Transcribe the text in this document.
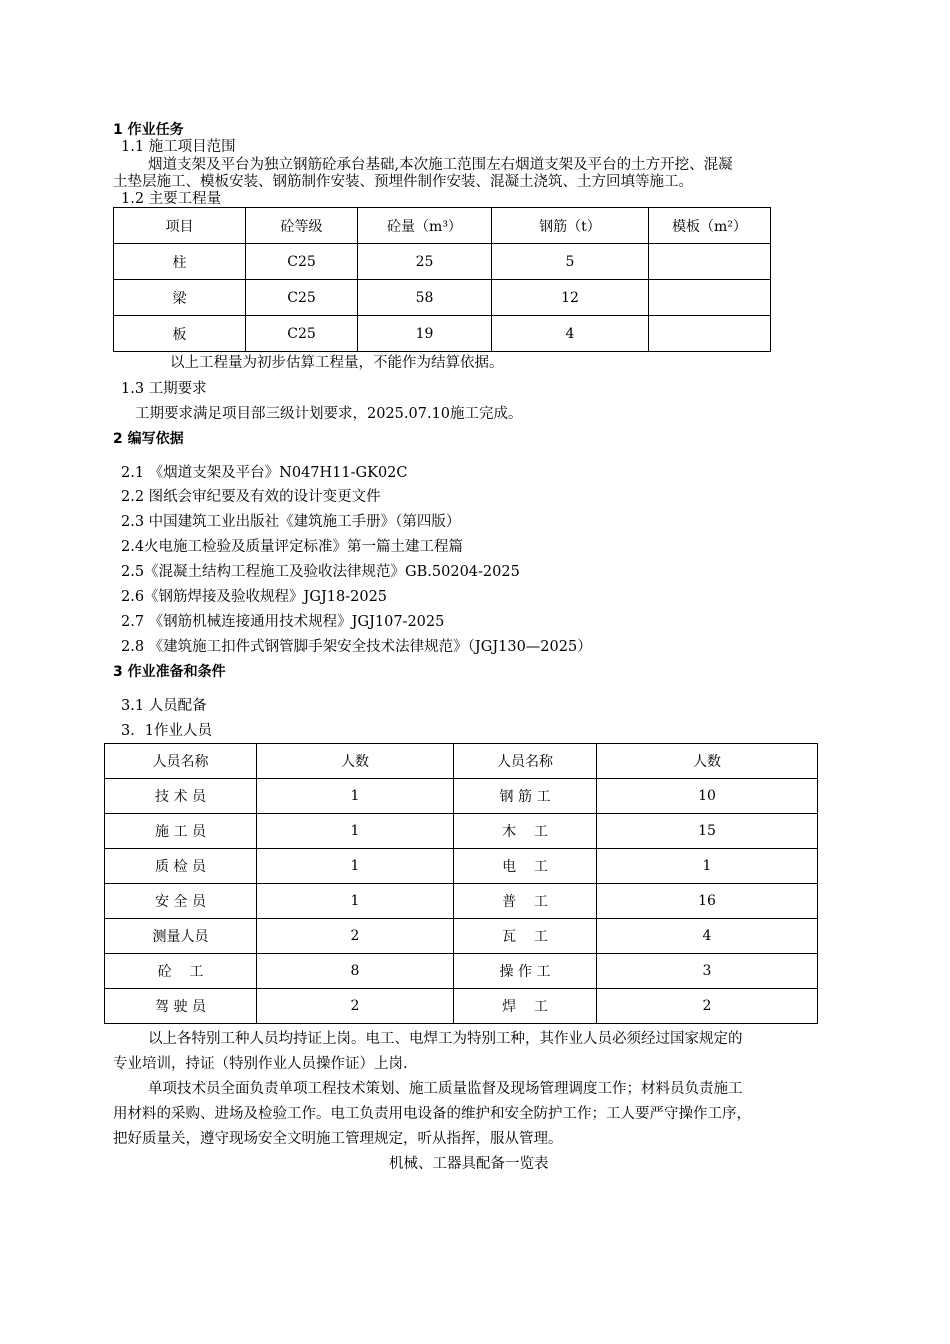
1 作业任务
1.1 施工项目范围
烟道支架及平台为独立钢筋砼承台基础,本次施工范围左右烟道支架及平台的土方开挖、混凝
土垫层施工、模板安装、钢筋制作安装、预埋件制作安装、混凝土浇筑、土方回填等施工。
1.2 主要工程量
项目	砼等级	砼量（m³）	钢筋（t）	模板（m²）
柱	C25	25	5	
梁	C25	58	12	
板	C25	19	4	
以上工程量为初步估算工程量，不能作为结算依据。
1.3 工期要求
工期要求满足项目部三级计划要求，2025.07.10施工完成。
2 编写依据
2.1 《烟道支架及平台》N047H11-GK02C
2.2 图纸会审纪要及有效的设计变更文件
2.3 中国建筑工业出版社《建筑施工手册》（第四版）
2.4火电施工检验及质量评定标准》第一篇土建工程篇
2.5《混凝土结构工程施工及验收法律规范》GB.50204-2025
2.6《钢筋焊接及验收规程》JGJ18-2025
2.7 《钢筋机械连接通用技术规程》JGJ107-2025
2.8 《建筑施工扣件式钢管脚手架安全技术法律规范》（JGJ130—2025）
3 作业准备和条件
3.1 人员配备
3．1作业人员
人员名称	人数	人员名称	人数
技 术 员	1	钢 筋 工	10
施 工 员	1	木    工	15
质 检 员	1	电    工	1
安 全 员	1	普    工	16
测量人员	2	瓦    工	4
砼    工	8	操 作 工	3
驾 驶 员	2	焊    工	2
以上各特别工种人员均持证上岗。电工、电焊工为特别工种，其作业人员必须经过国家规定的
专业培训，持证（特别作业人员操作证）上岗.
单项技术员全面负责单项工程技术策划、施工质量监督及现场管理调度工作；材料员负责施工
用材料的采购、进场及检验工作。电工负责用电设备的维护和安全防护工作；工人要严守操作工序，
把好质量关，遵守现场安全文明施工管理规定，听从指挥，服从管理。
机械、工器具配备一览表
